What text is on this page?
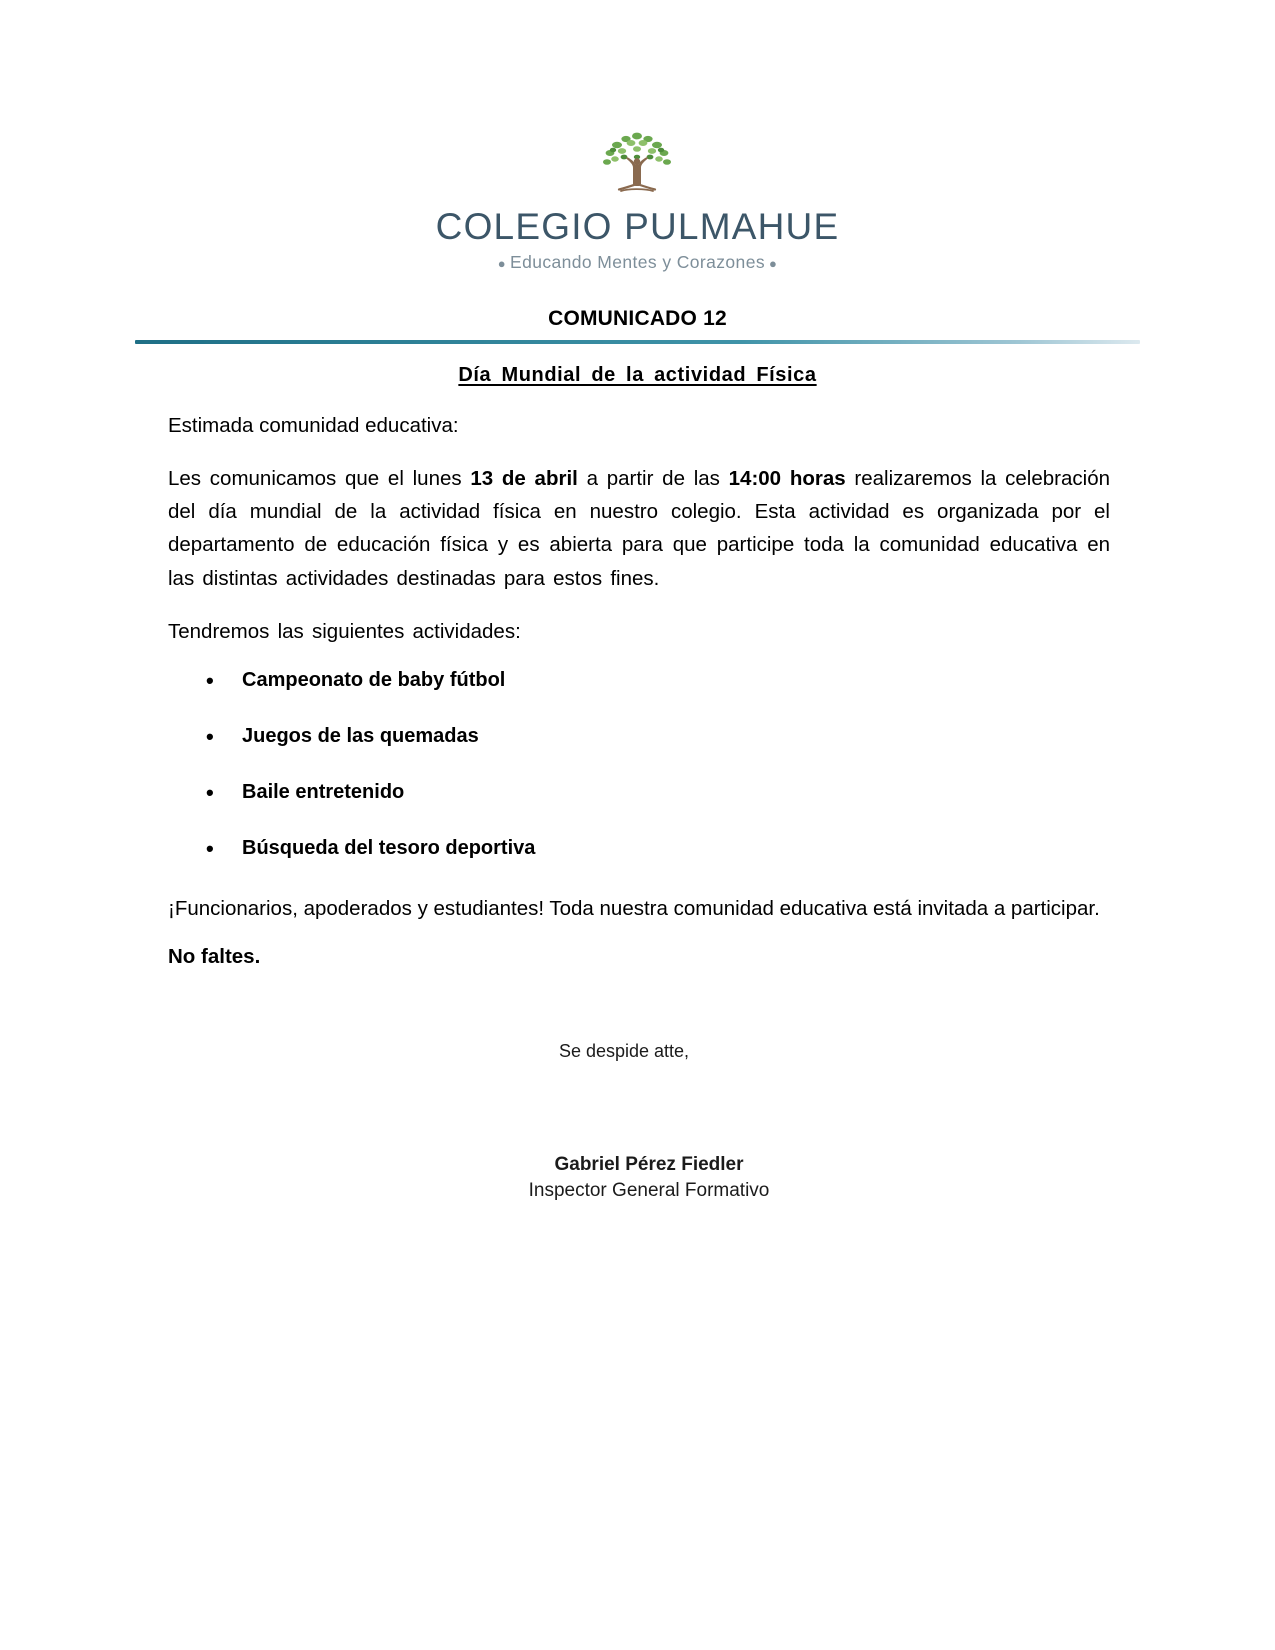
COLEGIO PULMAHUE
● Educando Mentes y Corazones ●
COMUNICADO 12
Día Mundial de la actividad Física

Estimada comunidad educativa:

Les comunicamos que el lunes 13 de abril a partir de las 14:00 horas realizaremos la celebración del día mundial de la actividad física en nuestro colegio. Esta actividad es organizada por el departamento de educación física y es abierta para que participe toda la comunidad educativa en las distintas actividades destinadas para estos fines.

Tendremos las siguientes actividades:

• Campeonato de baby fútbol
• Juegos de las quemadas
• Baile entretenido
• Búsqueda del tesoro deportiva

¡Funcionarios, apoderados y estudiantes! Toda nuestra comunidad educativa está invitada a participar.

No faltes.

Se despide atte,
Gabriel Pérez Fiedler
Inspector General Formativo
